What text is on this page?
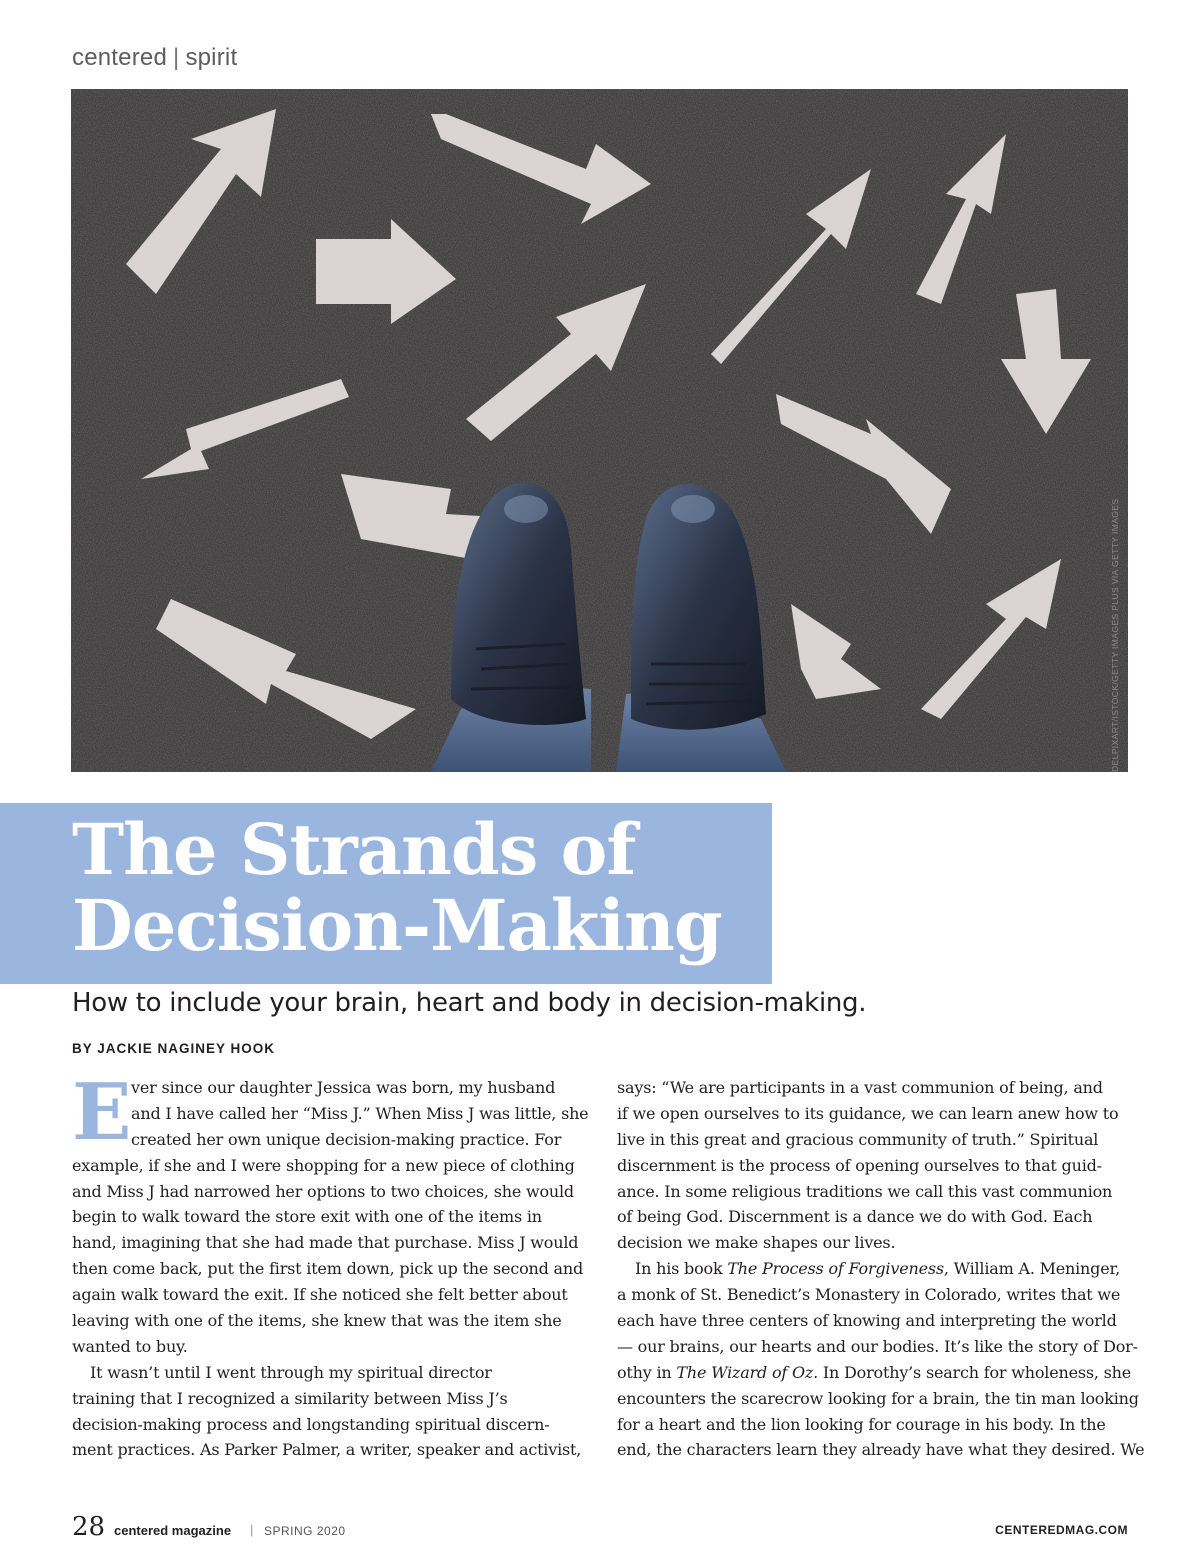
centered | spirit
DELPIXART/ISTOCK/GETTY IMAGES PLUS VIA GETTY IMAGES
The Strands of
Decision-Making
How to include your brain, heart and body in decision-making.
BY JACKIE NAGINEY HOOK
E ver since our daughter Jessica was born, my husband
and I have called her “Miss J.” When Miss J was little, she
created her own unique decision-making practice. For
example, if she and I were shopping for a new piece of clothing
and Miss J had narrowed her options to two choices, she would
begin to walk toward the store exit with one of the items in
hand, imagining that she had made that purchase. Miss J would
then come back, put the first item down, pick up the second and
again walk toward the exit. If she noticed she felt better about
leaving with one of the items, she knew that was the item she
wanted to buy.
It wasn’t until I went through my spiritual director
training that I recognized a similarity between Miss J’s
decision-making process and longstanding spiritual discern-
ment practices. As Parker Palmer, a writer, speaker and activist,
says: “We are participants in a vast communion of being, and
if we open ourselves to its guidance, we can learn anew how to
live in this great and gracious community of truth.” Spiritual
discernment is the process of opening ourselves to that guid-
ance. In some religious traditions we call this vast communion
of being God. Discernment is a dance we do with God. Each
decision we make shapes our lives.
In his book The Process of Forgiveness, William A. Meninger,
a monk of St. Benedict’s Monastery in Colorado, writes that we
each have three centers of knowing and interpreting the world
— our brains, our hearts and our bodies. It’s like the story of Dor-
othy in The Wizard of Oz. In Dorothy’s search for wholeness, she
encounters the scarecrow looking for a brain, the tin man looking
for a heart and the lion looking for courage in his body. In the
end, the characters learn they already have what they desired. We
28 centered magazine | SPRING 2020	CENTEREDMAG.COM
